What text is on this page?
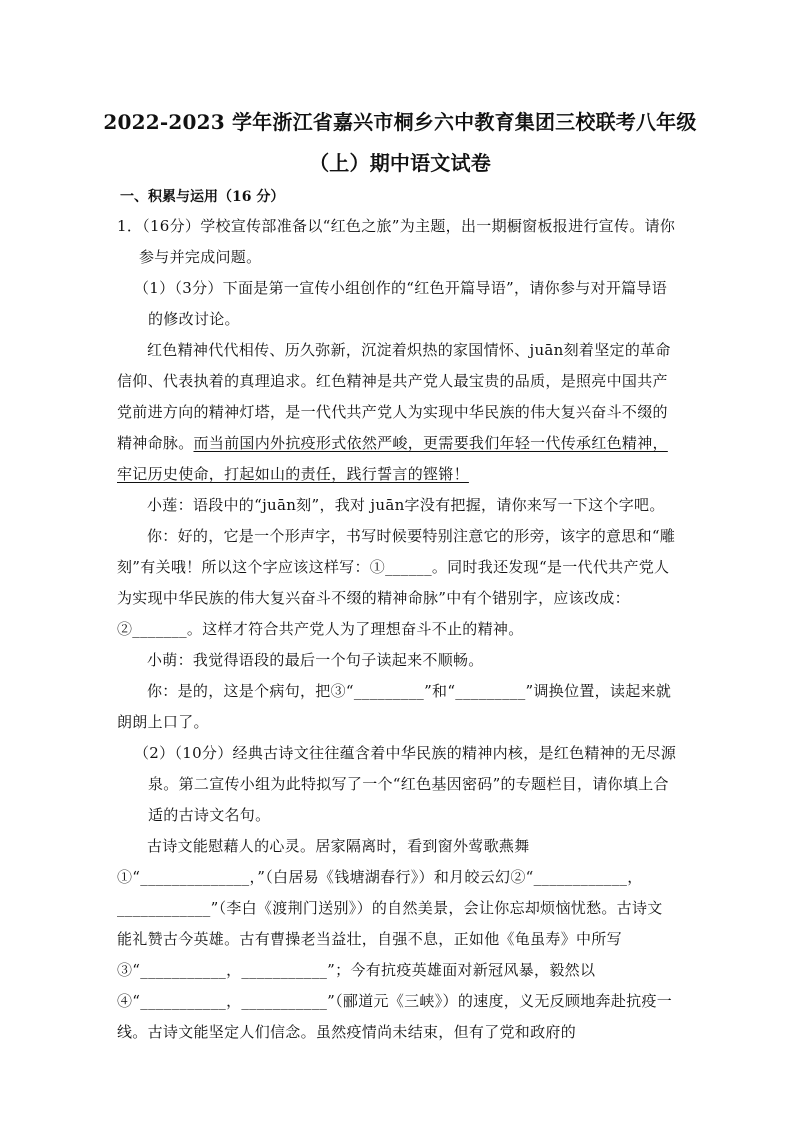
2022-2023 学年浙江省嘉兴市桐乡六中教育集团三校联考八年级
（上）期中语文试卷
一、积累与运用（16 分）
1．（16分）学校宣传部准备以“红色之旅”为主题，出一期橱窗板报进行宣传。请你参与并完成问题。
（1）（3分）下面是第一宣传小组创作的“红色开篇导语”，请你参与对开篇导语的修改讨论。
红色精神代代相传、历久弥新，沉淀着炽热的家国情怀、juān刻着坚定的革命信仰、代表执着的真理追求。红色精神是共产党人最宝贵的品质，是照亮中国共产党前进方向的精神灯塔，是一代代共产党人为实现中华民族的伟大复兴奋斗不缀的精神命脉。而当前国内外抗疫形式依然严峻，更需要我们年轻一代传承红色精神，牢记历史使命，打起如山的责任，践行誓言的铿锵！
小莲：语段中的“juān刻”，我对 juān字没有把握，请你来写一下这个字吧。
你：好的，它是一个形声字，书写时候要特别注意它的形旁，该字的意思和“雕刻”有关哦！所以这个字应该这样写：①______。同时我还发现“是一代代共产党人为实现中华民族的伟大复兴奋斗不缀的精神命脉”中有个错别字，应该改成：②_______。这样才符合共产党人为了理想奋斗不止的精神。
小萌：我觉得语段的最后一个句子读起来不顺畅。
你：是的，这是个病句，把③“_________”和“_________”调换位置，读起来就朗朗上口了。
（2）（10分）经典古诗文往往蕴含着中华民族的精神内核，是红色精神的无尽源泉。第二宣传小组为此特拟写了一个“红色基因密码”的专题栏目，请你填上合适的古诗文名句。
古诗文能慰藉人的心灵。居家隔离时，看到窗外莺歌燕舞①“______________，”（白居易《钱塘湖春行》）和月皎云幻②“____________，____________”（李白《渡荆门送别》）的自然美景，会让你忘却烦恼忧愁。古诗文能礼赞古今英雄。古有曹操老当益壮，自强不息，正如他《龟虽寿》中所写③“___________，___________”；今有抗疫英雄面对新冠风暴，毅然以④“___________，___________”（郦道元《三峡》）的速度，义无反顾地奔赴抗疫一线。古诗文能坚定人们信念。虽然疫情尚未结束，但有了党和政府的
